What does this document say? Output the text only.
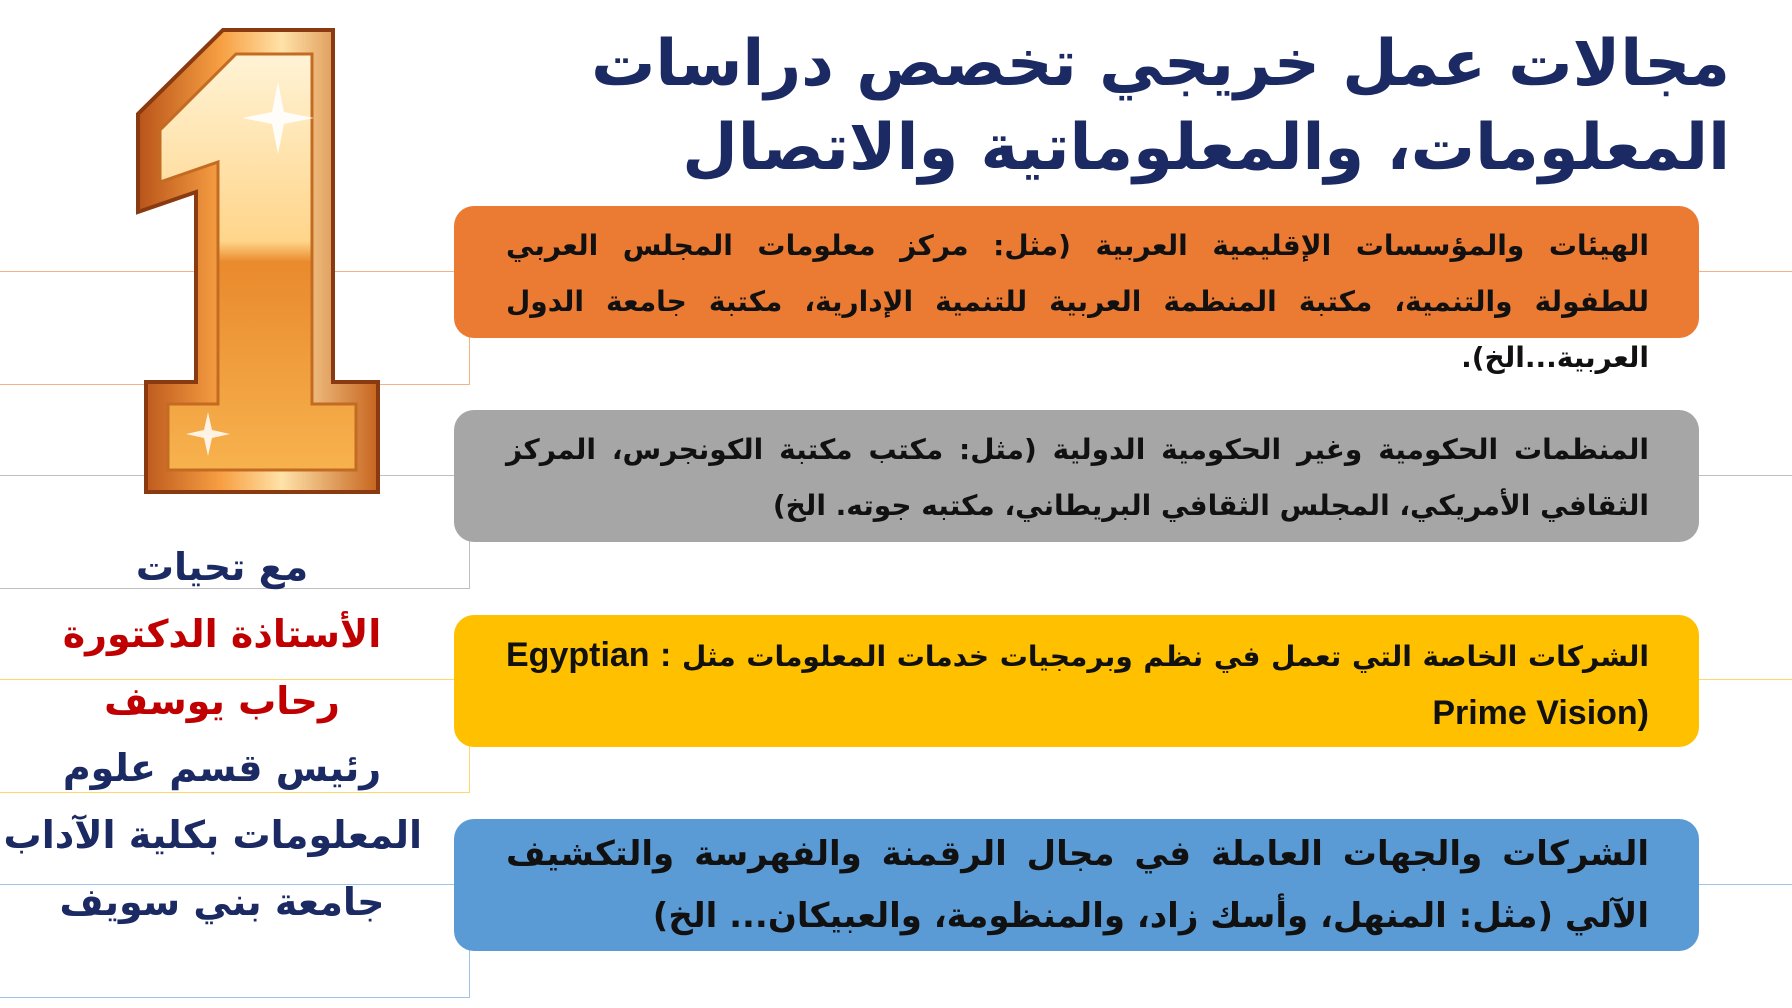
مجالات عمل خريجي تخصص دراسات
المعلومات، والمعلوماتية والاتصال
الهيئات والمؤسسات الإقليمية العربية (مثل: مركز معلومات المجلس العربي للطفولة والتنمية، مكتبة المنظمة العربية للتنمية الإدارية، مكتبة جامعة الدول العربية...الخ).
المنظمات الحكومية وغير الحكومية الدولية (مثل: مكتب مكتبة الكونجرس، المركز الثقافي الأمريكي، المجلس الثقافي البريطاني، مكتبه جوته. الخ)
الشركات الخاصة التي تعمل في نظم وبرمجيات خدمات المعلومات مثل Egyptian : Prime Vision)
الشركات والجهات العاملة في مجال الرقمنة والفهرسة والتكشيف الآلي (مثل: المنهل، وأسك زاد، والمنظومة، والعبيكان... الخ)
مع تحيات
الأستاذة الدكتورة
رحاب يوسف
رئيس قسم علوم
المعلومات بكلية الآداب
جامعة بني سويف
